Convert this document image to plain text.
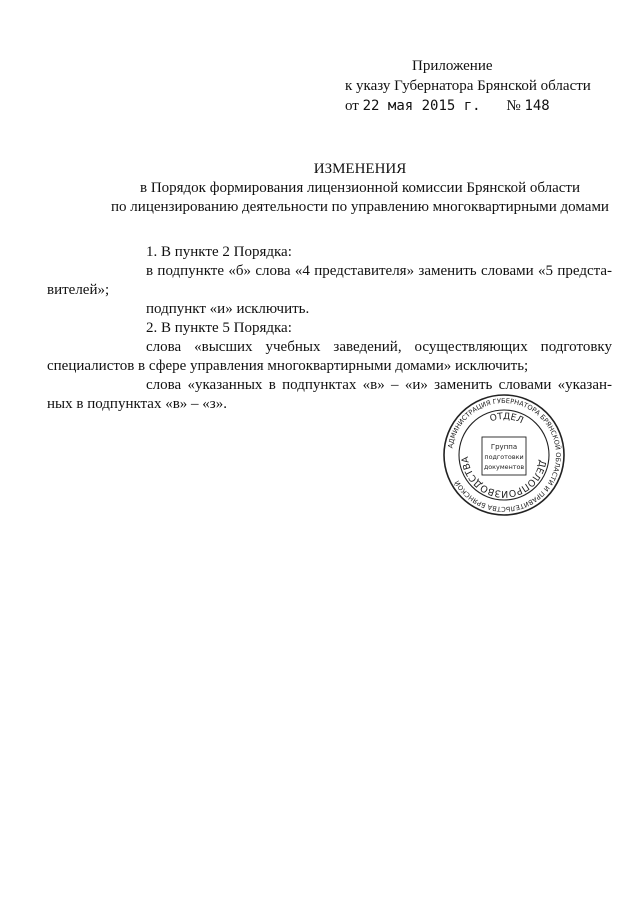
Приложение
к указу Губернатора Брянской области
от 22 мая 2015 г. № 148
ИЗМЕНЕНИЯ
в Порядок формирования лицензионной комиссии Брянской области
по лицензированию деятельности по управлению многоквартирными домами
1. В пункте 2 Порядка:
в подпункте «б» слова «4 представителя» заменить словами «5 предста-
вителей»;
подпункт «и» исключить.
2. В пункте 5 Порядка:
слова «высших учебных заведений, осуществляющих подготовку
специалистов в сфере управления многоквартирными домами» исключить;
слова «указанных в подпунктах «в» – «и» заменить словами «указан-
ных в подпунктах «в» – «з».
АДМИНИСТРАЦИЯ ГУБЕРНАТОРА БРЯНСКОЙ ОБЛАСТИ И ПРАВИТЕЛЬСТВА БРЯНСКОЙ
ОТДЕЛ
ДЕЛОПРОИЗВОДСТВА
Группа
подготовки
документов
